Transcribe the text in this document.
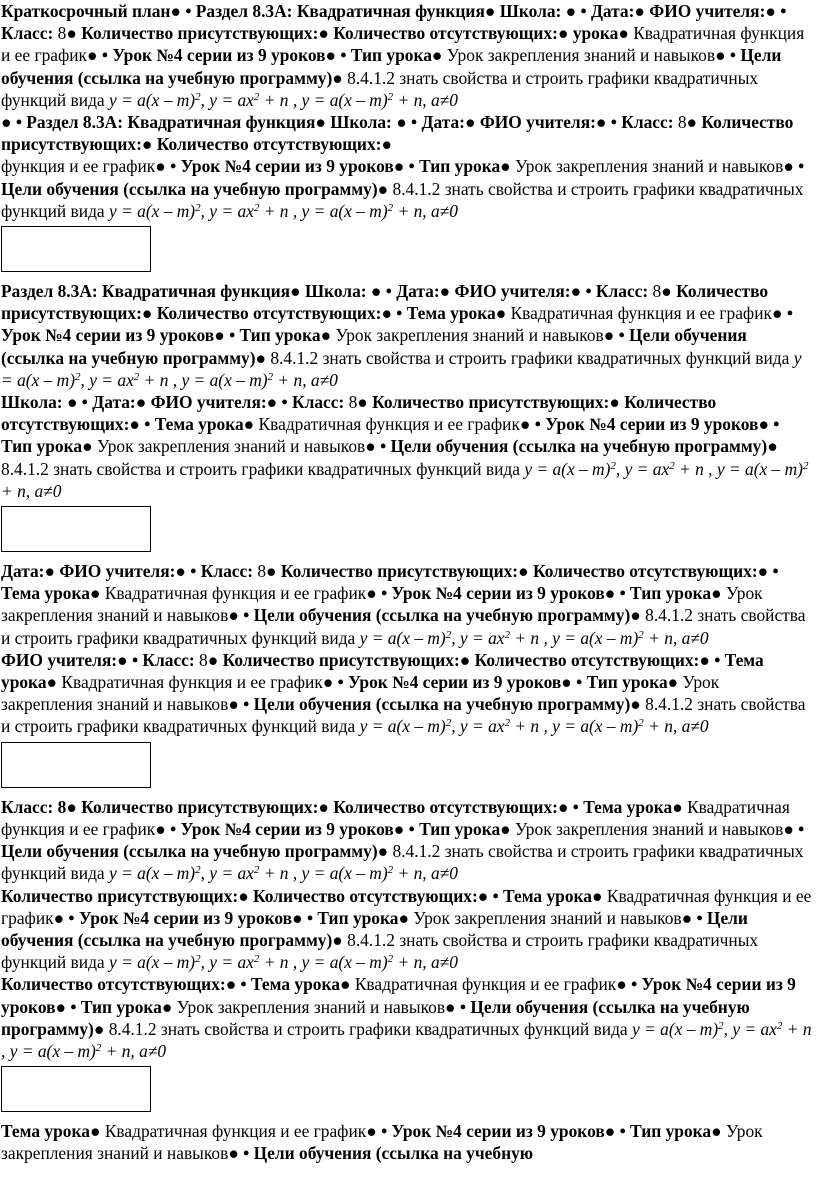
Краткосрочный план● • Раздел 8.3А: Квадратичная функция● Школа: ● • Дата:● ФИО учителя:● • Класс: 8● Количество присутствующих:● Количество отсутствующих:● урока● Квадратичная функция и ее график● • Урок №4 серии из 9 уроков● • Тип урока● Урок закрепления знаний и навыков● • Цели обучения (ссылка на учебную программу)● 8.4.1.2 знать свойства и строить графики квадратичных функций вида y = a(x – m)$^2$, $y = ax^2 + n$ , y = a(x – m)$^2$ + n, a≠0
● • Раздел 8.3А: Квадратичная функция● Школа: ● • Дата:● ФИО учителя:● • Класс: 8● Количество присутствующих:● Количество отсутствующих:●
функция и ее график● • Урок №4 серии из 9 уроков● • Тип урока● Урок закрепления знаний и навыков● • Цели обучения (ссылка на учебную программу)● 8.4.1.2 знать свойства и строить графики квадратичных функций вида y = a(x – m)$^2$, $y = ax^2 + n$ , y = a(x – m)$^2$ + n, a≠0
Раздел 8.3А: Квадратичная функция● Школа: ● • Дата:● ФИО учителя:● • Класс: 8● Количество присутствующих:● Количество отсутствующих:● • Тема урока● Квадратичная функция и ее график● • Урок №4 серии из 9 уроков● • Тип урока● Урок закрепления знаний и навыков● • Цели обучения (ссылка на учебную программу)● 8.4.1.2 знать свойства и строить графики квадратичных функций вида y = a(x – m)$^2$, $y = ax^2 + n$ , y = a(x – m)$^2$ + n, a≠0
Школа: ● • Дата:● ФИО учителя:● • Класс: 8● Количество присутствующих:● Количество отсутствующих:● • Тема урока● Квадратичная функция и ее график● • Урок №4 серии из 9 уроков● • Тип урока● Урок закрепления знаний и навыков● • Цели обучения (ссылка на учебную программу)● 8.4.1.2 знать свойства и строить графики квадратичных функций вида y = a(x – m)$^2$, $y = ax^2 + n$ , y = a(x – m)$^2$ + n, a≠0
Дата:● ФИО учителя:● • Класс: 8● Количество присутствующих:● Количество отсутствующих:● • Тема урока● Квадратичная функция и ее график● • Урок №4 серии из 9 уроков● • Тип урока● Урок закрепления знаний и навыков● • Цели обучения (ссылка на учебную программу)● 8.4.1.2 знать свойства и строить графики квадратичных функций вида y = a(x – m)$^2$, $y = ax^2 + n$ , y = a(x – m)$^2$ + n, a≠0
ФИО учителя:● • Класс: 8● Количество присутствующих:● Количество отсутствующих:● • Тема урока● Квадратичная функция и ее график● • Урок №4 серии из 9 уроков● • Тип урока● Урок закрепления знаний и навыков● • Цели обучения (ссылка на учебную программу)● 8.4.1.2 знать свойства и строить графики квадратичных функций вида y = a(x – m)$^2$, $y = ax^2 + n$ , y = a(x – m)$^2$ + n, a≠0
Класс: 8● Количество присутствующих:● Количество отсутствующих:● • Тема урока● Квадратичная функция и ее график● • Урок №4 серии из 9 уроков● • Тип урока● Урок закрепления знаний и навыков● • Цели обучения (ссылка на учебную программу)● 8.4.1.2 знать свойства и строить графики квадратичных функций вида y = a(x – m)$^2$, $y = ax^2 + n$ , y = a(x – m)$^2$ + n, a≠0
Количество присутствующих:● Количество отсутствующих:● • Тема урока● Квадратичная функция и ее график● • Урок №4 серии из 9 уроков● • Тип урока● Урок закрепления знаний и навыков● • Цели обучения (ссылка на учебную программу)● 8.4.1.2 знать свойства и строить графики квадратичных функций вида y = a(x – m)$^2$, $y = ax^2 + n$ , y = a(x – m)$^2$ + n, a≠0
Количество отсутствующих:● • Тема урока● Квадратичная функция и ее график● • Урок №4 серии из 9 уроков● • Тип урока● Урок закрепления знаний и навыков● • Цели обучения (ссылка на учебную программу)● 8.4.1.2 знать свойства и строить графики квадратичных функций вида y = a(x – m)$^2$, $y = ax^2 + n$ , y = a(x – m)$^2$ + n, a≠0
Тема урока● Квадратичная функция и ее график● • Урок №4 серии из 9 уроков● • Тип урока● Урок закрепления знаний и навыков● • Цели обучения (ссылка на учебную
